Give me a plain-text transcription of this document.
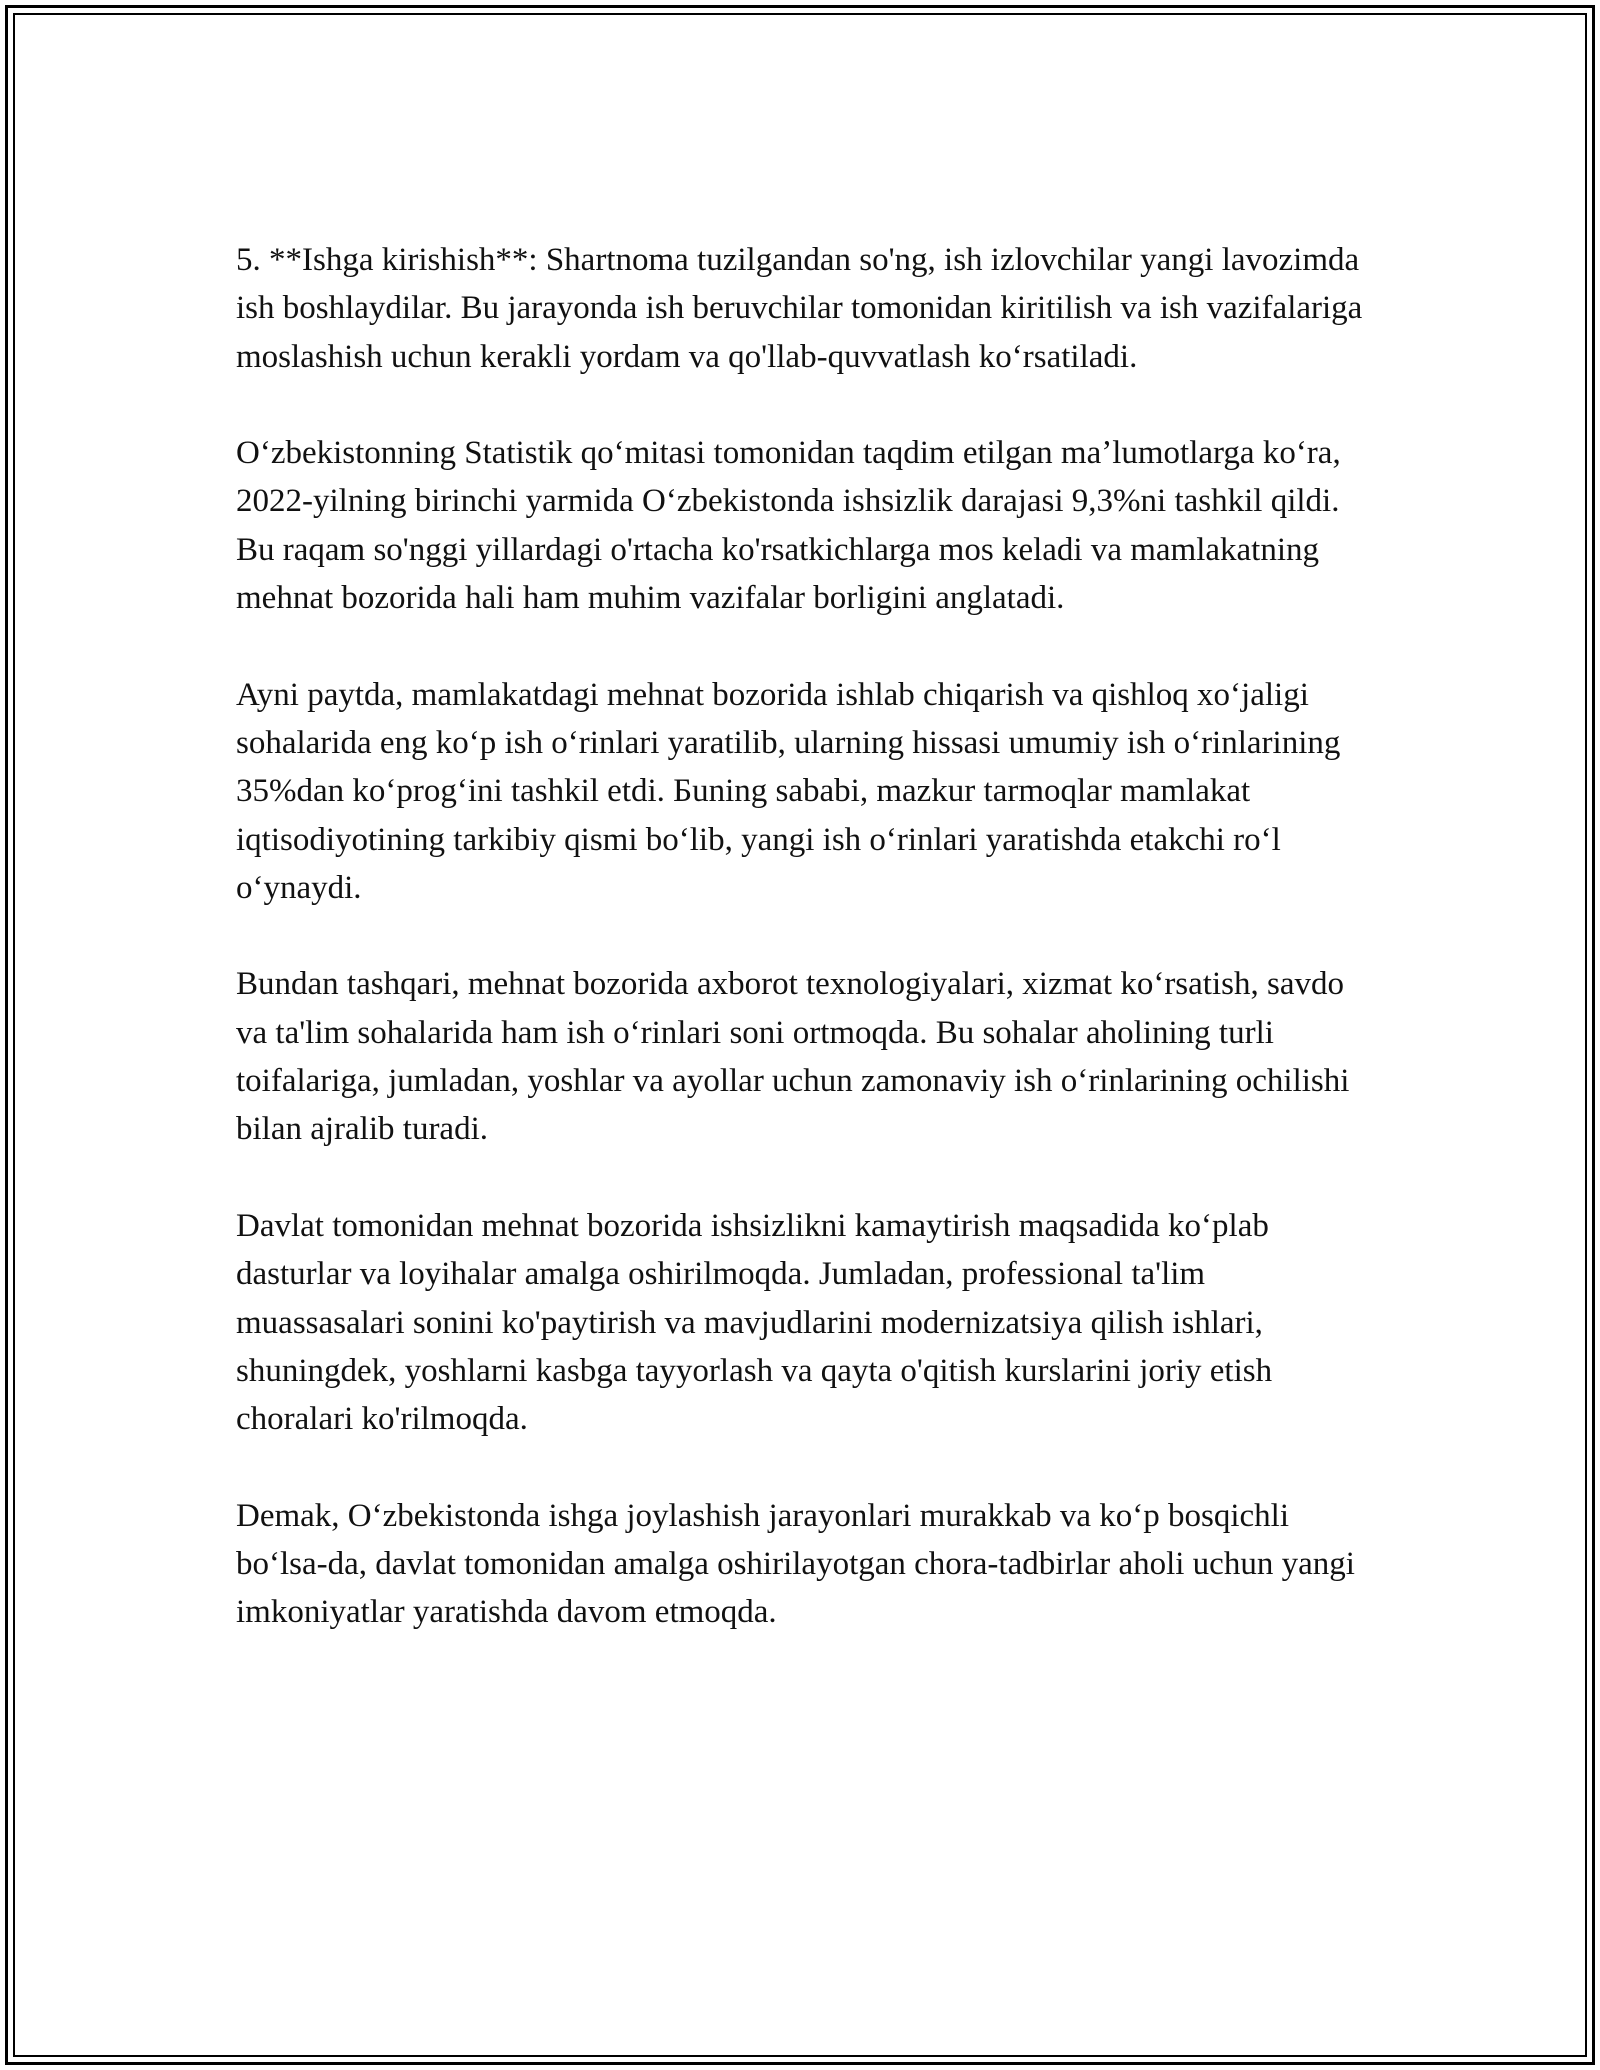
5. **Ishga kirishish**: Shartnoma tuzilgandan so'ng, ish izlovchilar yangi lavozimda ish boshlaydilar. Bu jarayonda ish beruvchilar tomonidan kiritilish va ish vazifalariga moslashish uchun kerakli yordam va qo'llab-quvvatlash koʻrsatiladi.

Oʻzbekistonning Statistik qoʻmitasi tomonidan taqdim etilgan maʼlumotlarga koʻra, 2022-yilning birinchi yarmida Oʻzbekistonda ishsizlik darajasi 9,3%ni tashkil qildi. Bu raqam so'nggi yillardagi o'rtacha ko'rsatkichlarga mos keladi va mamlakatning mehnat bozorida hali ham muhim vazifalar borligini anglatadi.

Ayni paytda, mamlakatdagi mehnat bozorida ishlab chiqarish va qishloq xoʻjaligi sohalarida eng koʻp ish oʻrinlari yaratilib, ularning hissasi umumiy ish oʻrinlarining 35%dan koʻprogʻini tashkil etdi. Бuning sababi, mazkur tarmoqlar mamlakat iqtisodiyotining tarkibiy qismi boʻlib, yangi ish oʻrinlari yaratishda etakchi roʻl oʻynaydi.

Bundan tashqari, mehnat bozorida axborot texnologiyalari, xizmat koʻrsatish, savdo va ta'lim sohalarida ham ish oʻrinlari soni ortmoqda. Bu sohalar aholining turli toifalariga, jumladan, yoshlar va ayollar uchun zamonaviy ish oʻrinlarining ochilishi bilan ajralib turadi.

Davlat tomonidan mehnat bozorida ishsizlikni kamaytirish maqsadida koʻplab dasturlar va loyihalar amalga oshirilmoqda. Jumladan, professional ta'lim muassasalari sonini ko'paytirish va mavjudlarini modernizatsiya qilish ishlari, shuningdek, yoshlarni kasbga tayyorlash va qayta o'qitish kurslarini joriy etish choralari ko'rilmoqda.

Demak, Oʻzbekistonda ishga joylashish jarayonlari murakkab va koʻp bosqichli boʻlsa-da, davlat tomonidan amalga oshirilayotgan chora-tadbirlar aholi uchun yangi imkoniyatlar yaratishda davom etmoqda.
